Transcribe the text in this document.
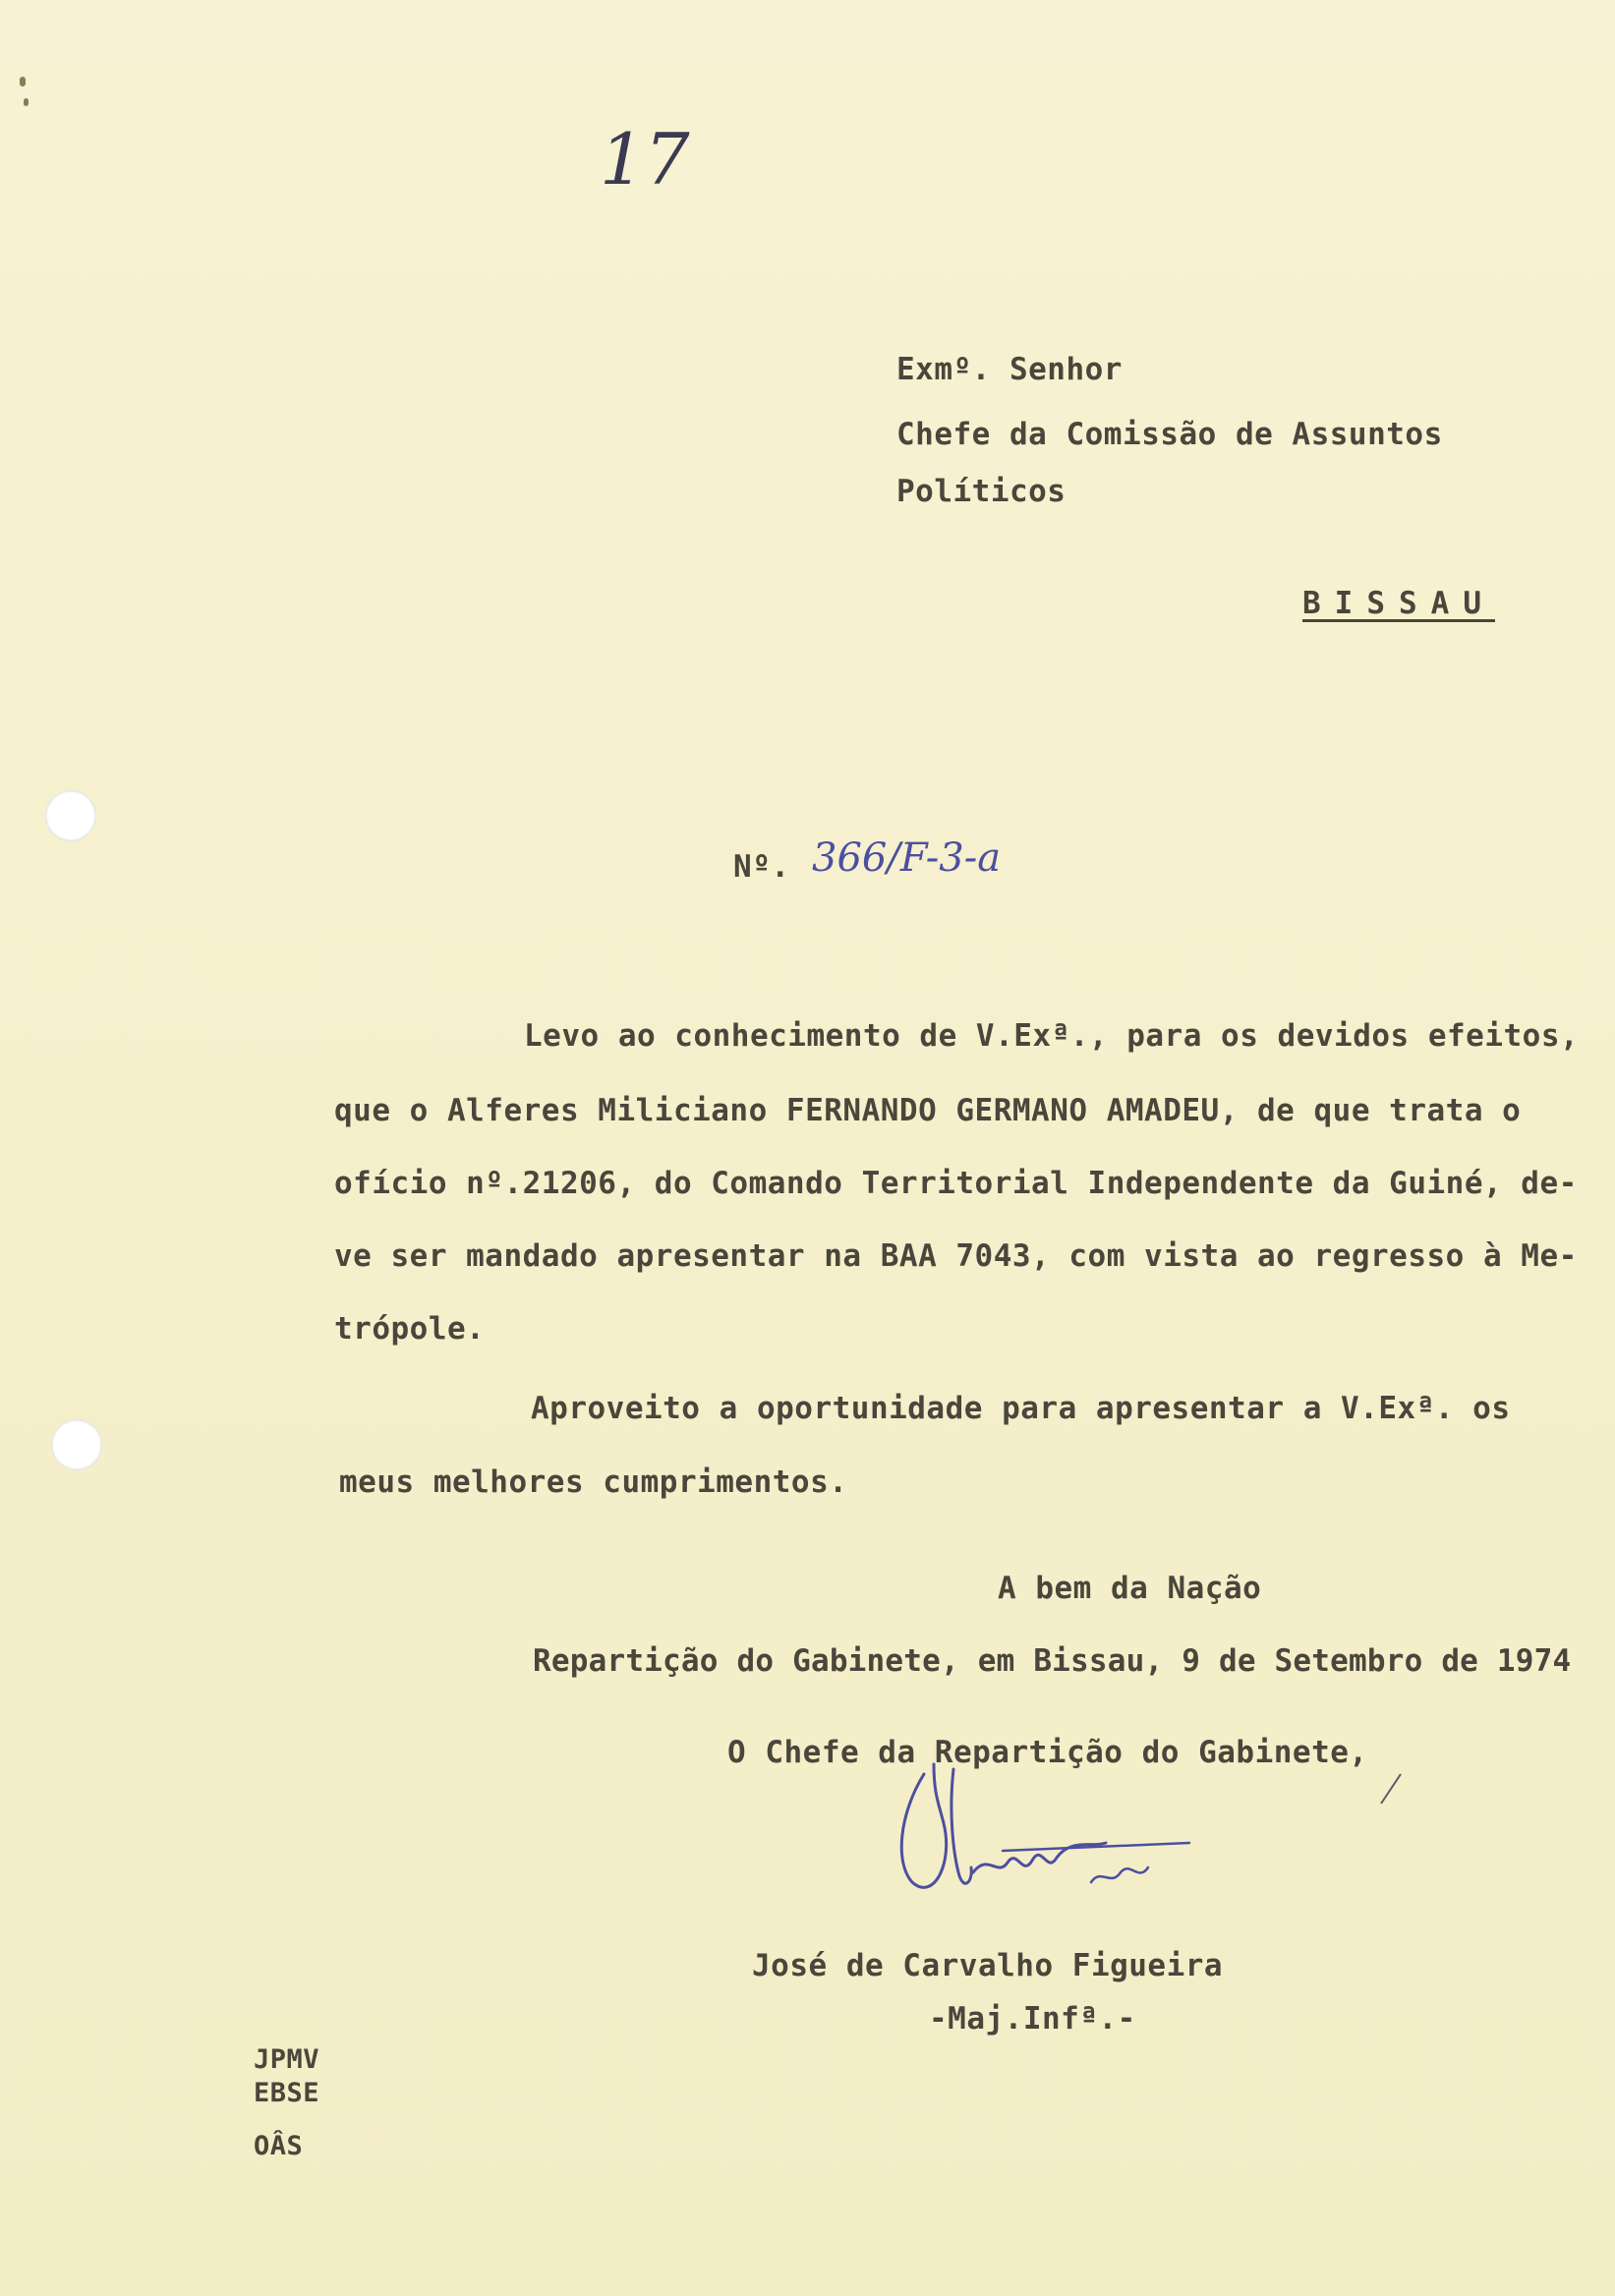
17
Exmº. Senhor
Chefe da Comissão de Assuntos
Políticos
BISSAU
Nº. 366/F-3-a
Levo ao conhecimento de V.Exª., para os devidos efeitos,
que o Alferes Miliciano FERNANDO GERMANO AMADEU, de que trata o
ofício nº.21206, do Comando Territorial Independente da Guiné, de-
ve ser mandado apresentar na BAA 7043, com vista ao regresso à Me-
trópole.
Aproveito a oportunidade para apresentar a V.Exª. os
meus melhores cumprimentos.
A bem da Nação
Repartição do Gabinete, em Bissau, 9 de Setembro de 1974
O Chefe da Repartição do Gabinete,
José de Carvalho Figueira
-Maj.Infª.-
JPMV
EBSE
OÂS
